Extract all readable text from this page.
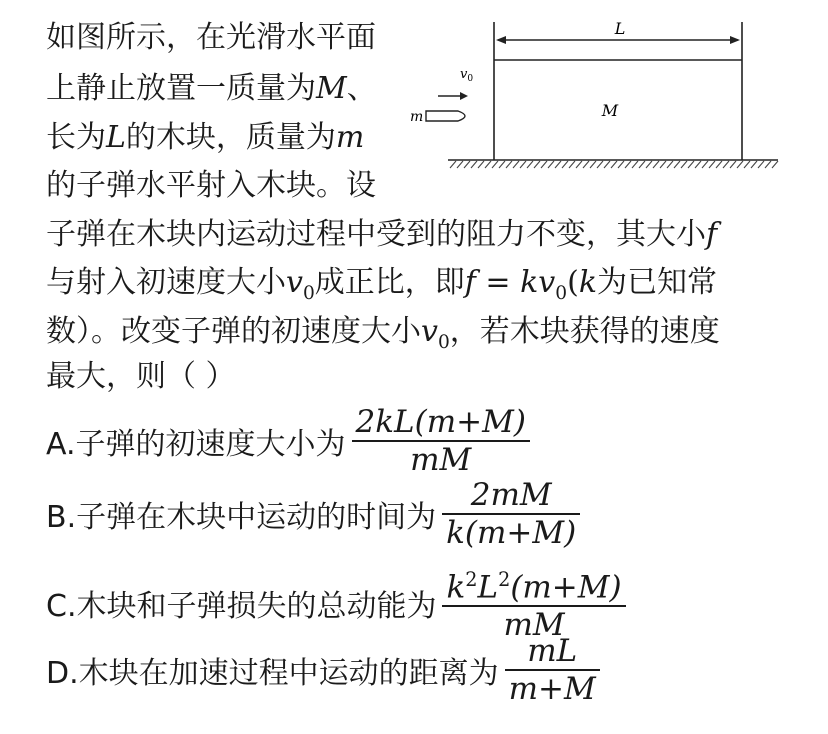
如图所示，在光滑水平面
上静止放置一质量为M、
长为L的木块，质量为m
的子弹水平射入木块。设
子弹在木块内运动过程中受到的阻力不变，其大小f
与射入初速度大小$v_0$成正比，即$f = kv_0(k$为已知常
数）。改变子弹的初速度大小$v_0$，若木块获得的速度
最大，则（ ）
L
M
$v_0$
m
A.子弹的初速度大小为 $\frac{2kL(m+M)}{mM}$
B.子弹在木块中运动的时间为 $\frac{2mM}{k(m+M)}$
C.木块和子弹损失的总动能为 $\frac{k^2L^2(m+M)}{mM}$
D.木块在加速过程中运动的距离为 $\frac{mL}{m+M}$
